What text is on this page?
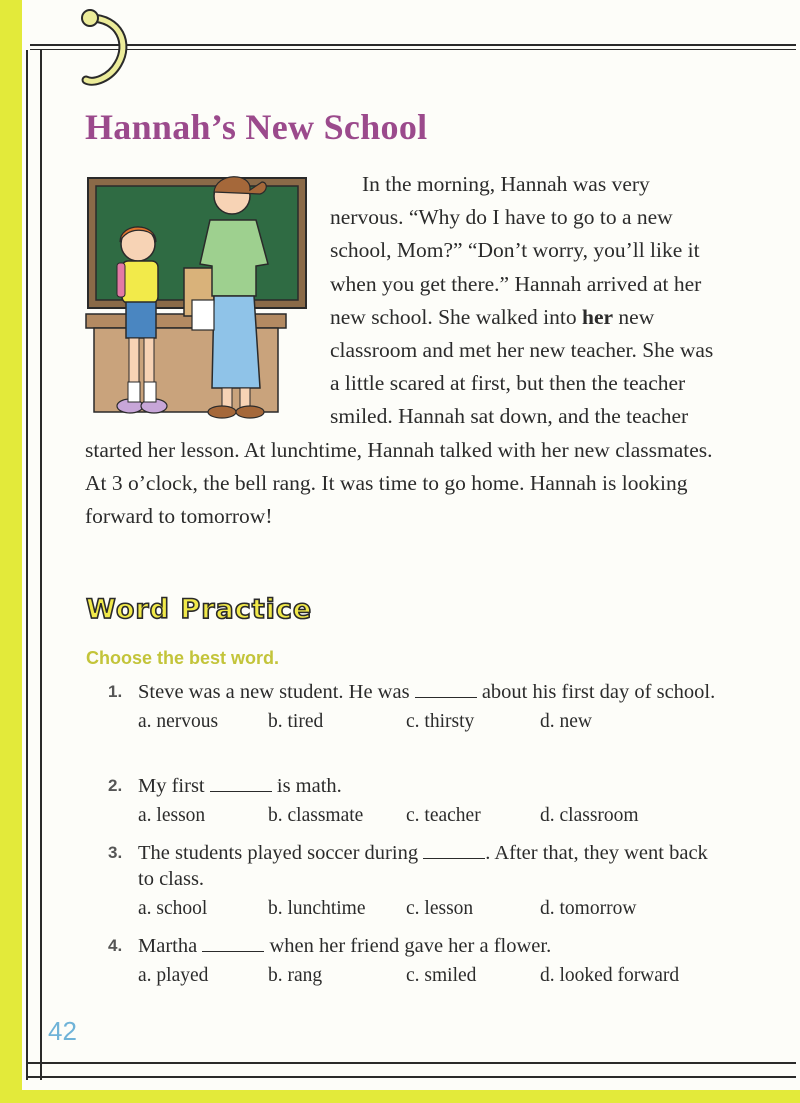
Hannah’s New School
In the morning, Hannah was very nervous. “Why do I have to go to a new school, Mom?” “Don’t worry, you’ll like it when you get there.” Hannah arrived at her new school. She walked into her new classroom and met her new teacher. She was a little scared at first, but then the teacher smiled. Hannah sat down, and the teacher started her lesson. At lunchtime, Hannah talked with her new classmates. At 3 o’clock, the bell rang. It was time to go home. Hannah is looking forward to tomorrow!
Word Practice
Choose the best word.
1. Steve was a new student. He was	about his first day of school.
a. nervous	b. tired	c. thirsty	d. new
2. My first	is math.
a. lesson	b. classmate c. teacher	d. classroom
3. The students played soccer during	. After that, they went back to class.
a. school	b. lunchtime c. lesson	d. tomorrow
4. Martha	when her friend gave her a flower.
a. played	b. rang	c. smiled	d. looked forward
42
